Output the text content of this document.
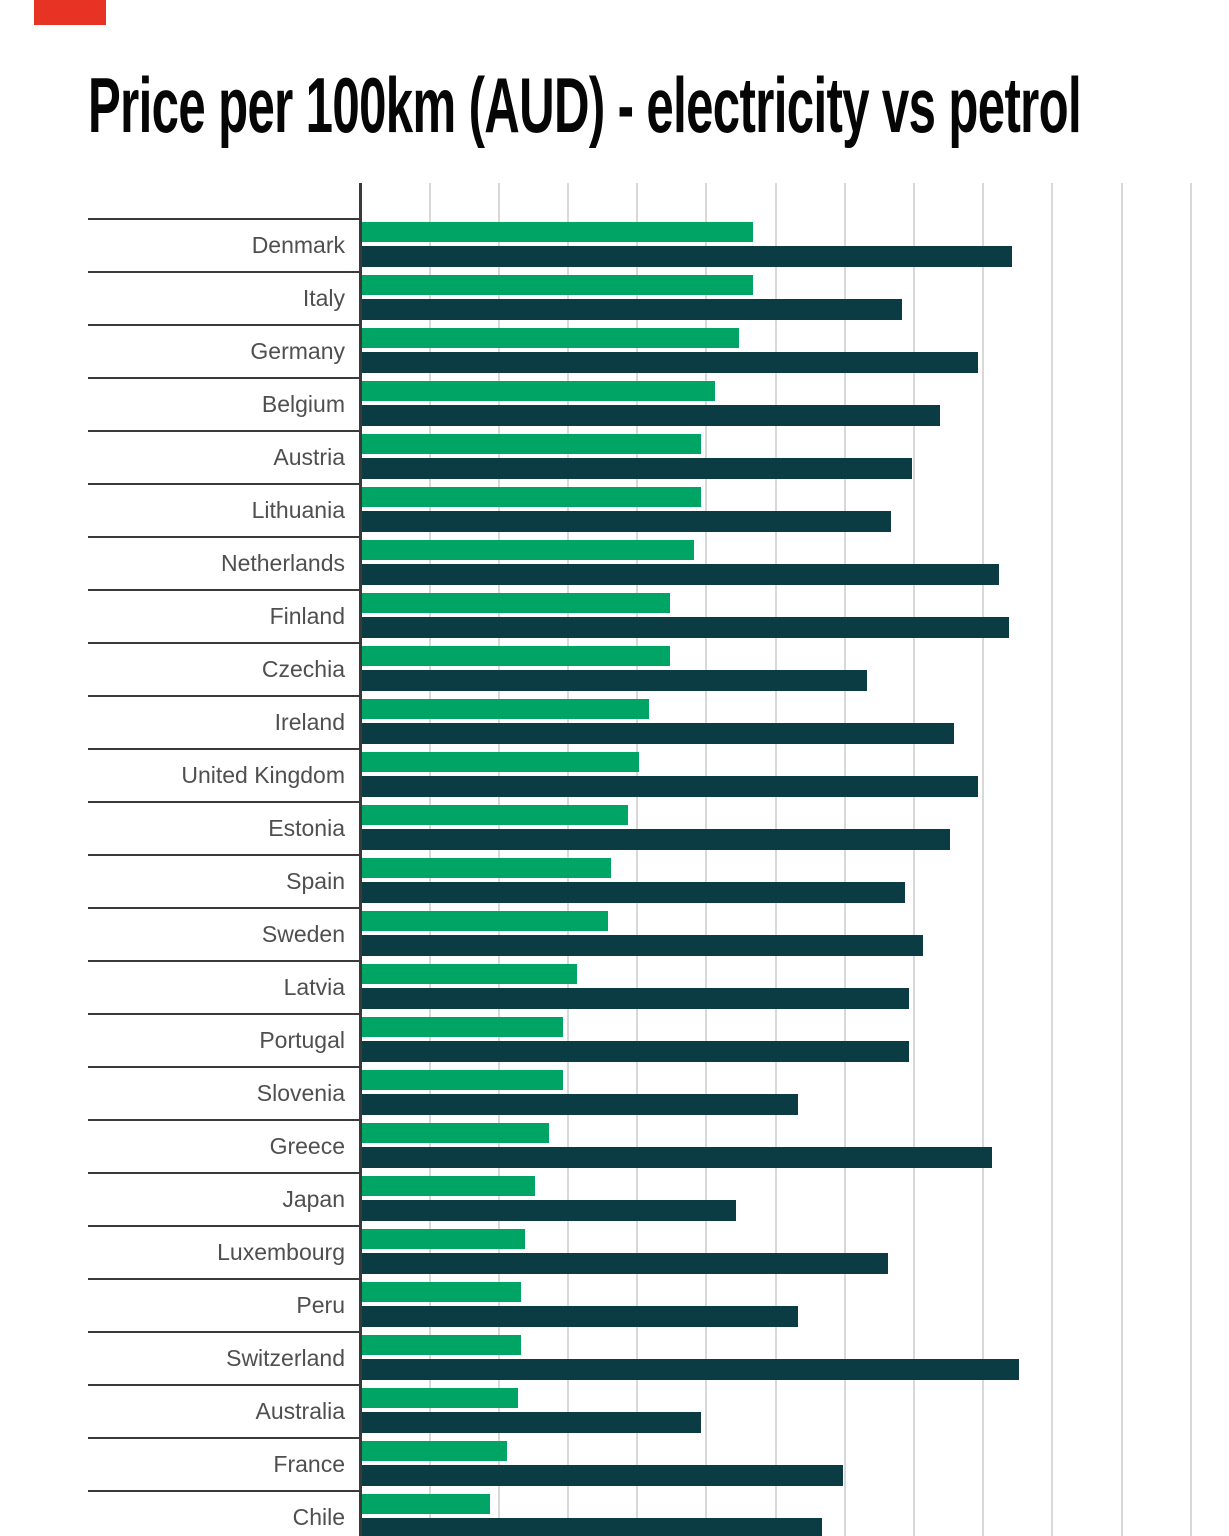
Price per 100km (AUD) - electricity vs petrol
Denmark
Italy
Germany
Belgium
Austria
Lithuania
Netherlands
Finland
Czechia
Ireland
United Kingdom
Estonia
Spain
Sweden
Latvia
Portugal
Slovenia
Greece
Japan
Luxembourg
Peru
Switzerland
Australia
France
Chile
